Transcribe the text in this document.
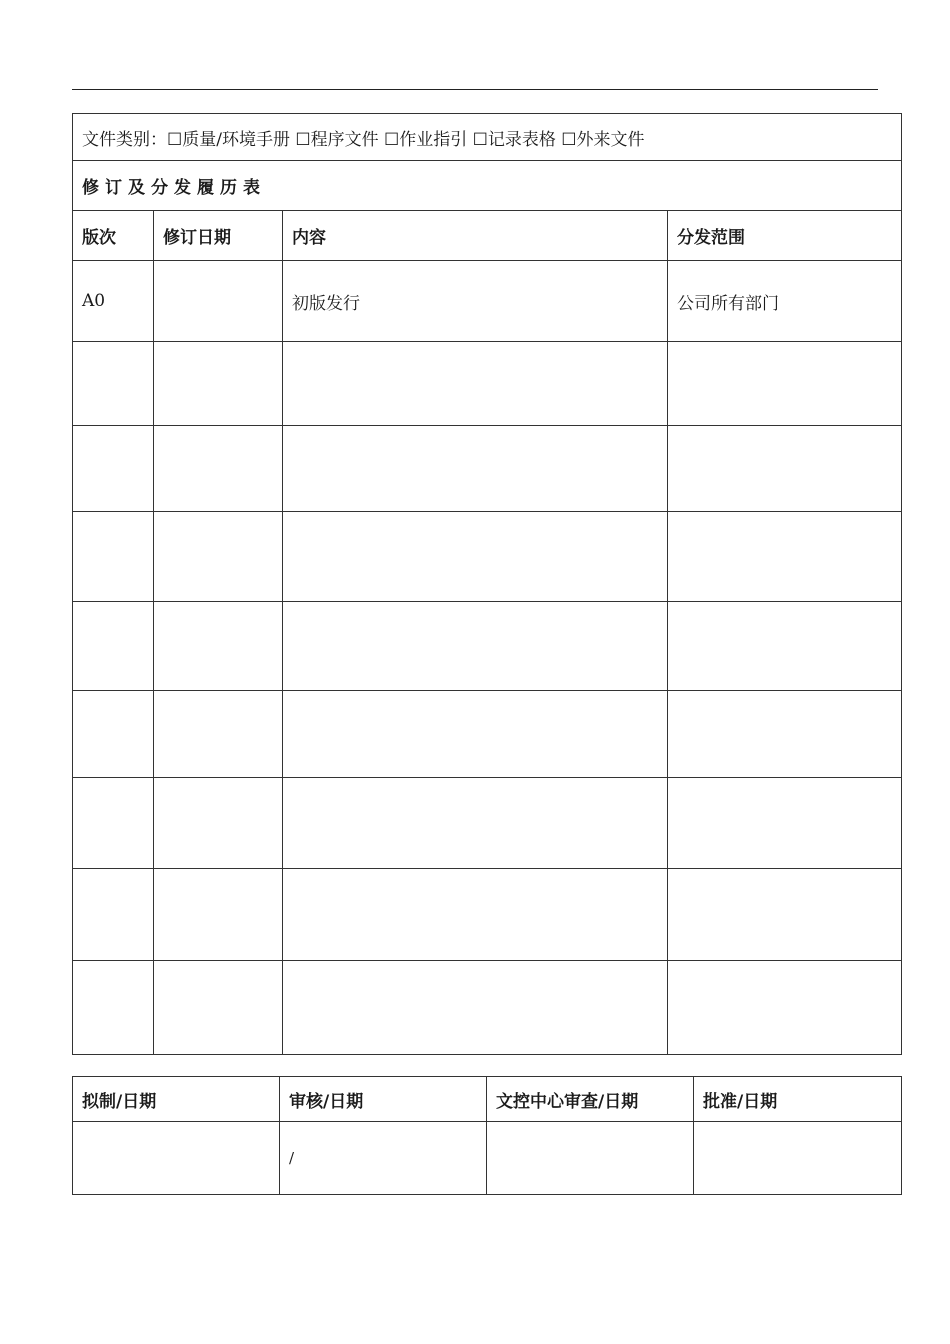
文件类别：☐质量/环境手册 ☐程序文件 ☐作业指引 ☐记录表格 ☐外来文件			
修订及分发履历表			
版次	修订日期	内容	分发范围
A0		初版发行	公司所有部门

拟制/日期	审核/日期	文控中心审查/日期	批准/日期
	/		
